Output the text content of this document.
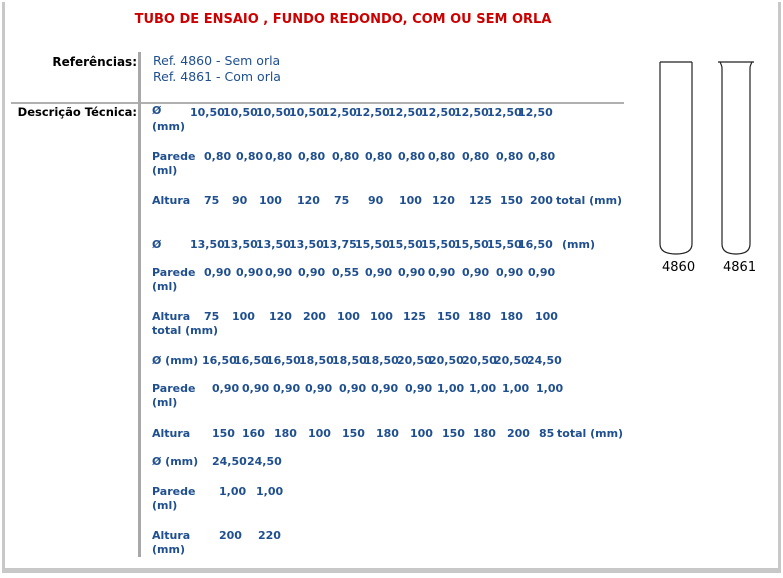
TUBO DE ENSAIO , FUNDO REDONDO, COM OU SEM ORLA
Referências: Ref. 4860 - Sem orla
Ref. 4861 - Com orla
Descrição Técnica: Ø
(mm)
10,50
10,50
10,50
10,50
12,50
12,50
12,50
12,50
12,50
12,50
12,50
Parede
(ml)
0,80 0,80 0,80 0,80 0,80 0,80 0,80 0,80 0,80 0,80 0,80
Altura 75 90 100 120 75 90 100 120 125 150 200 total (mm)
Ø	13,50
13,50
13,50
13,50
13,75
15,50
15,50
15,50
15,50
15,50
16,50 (mm)
Parede
(ml)
0,90 0,90 0,90 0,90 0,55 0,90 0,90 0,90 0,90 0,90 0,90
Altura
total (mm)
75 100 120 200 100 100 125 150 180 180 100
Ø (mm) 16,50
16,50
16,50
18,50
18,50
18,50
20,50
20,50
20,50
20,50
24,50
Parede
(ml)
0,90 0,90 0,90 0,90 0,90 0,90 0,90 1,00 1,00 1,00 1,00
Altura 150 160 180 100 150 180 100 150 180 200 85 total (mm)
Ø (mm) 24,50 24,50
Parede
(ml)
1,00 1,00
Altura
(mm)
200 220
4860 4861
